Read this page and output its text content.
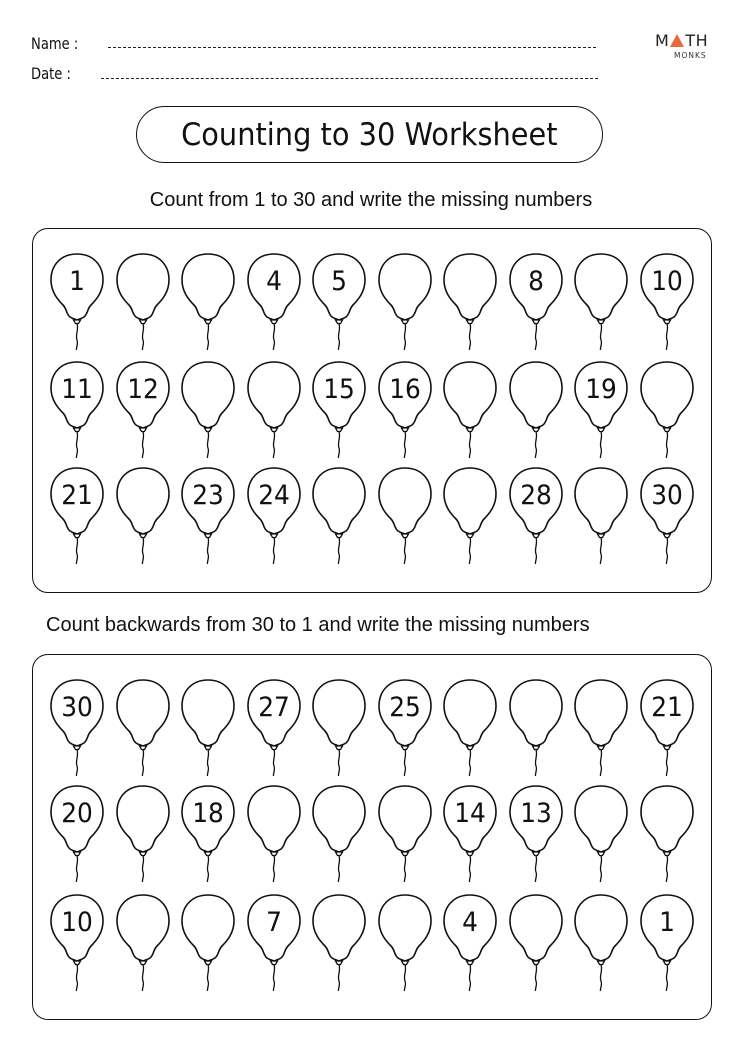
Name :
Date :
M TH
MONKS
Counting to 30 Worksheet
Count from 1 to 30 and write the missing numbers
Count backwards from 30 to 1 and write the missing numbers
1	4	5	8	10
11	12	15	16	19
21	23	24	28	30
30	27	25	21
20	18	14	13
10	7	4	1
